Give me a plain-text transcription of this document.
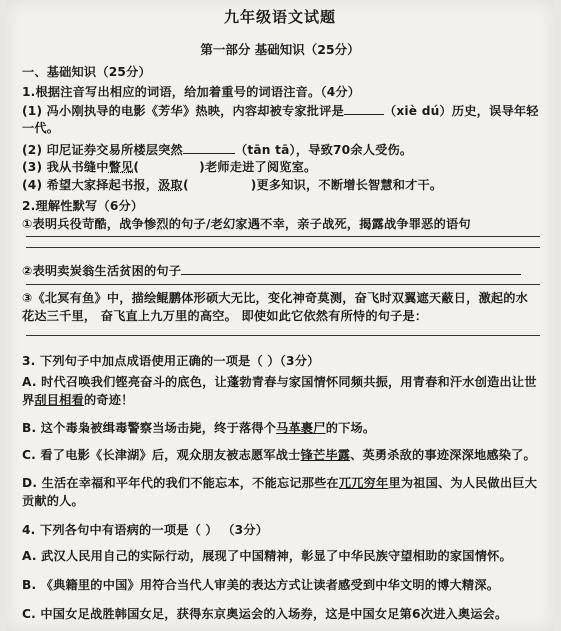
九年级语文试题
第一部分 基础知识（25分）
一、基础知识（25分）
1.根据注音写出相应的词语，给加着重号的词语注音。（4分）
(1) 冯小刚执导的电影《芳华》热映，内容却被专家批评是	（xiè dú）历史，误导年轻
一代。
(2) 印尼证券交易所楼层突然	（tān tā），导致70余人受伤。
(3) 我从书缝中瞥见(	)老师走进了阅览室。
(4) 希望大家择起书报，汲取(	)更多知识，不断增长智慧和才干。
2.理解性默写（6分）
①表明兵役苛酷，战争惨烈的句子/老幻家遇不幸，亲子战死，揭露战争罪恶的语句
②表明卖炭翁生活贫困的句子
③《北冥有鱼》中，描绘鲲鹏体形硕大无比，变化神奇莫测，奋飞时双翼遮天蔽日，激起的水
花达三千里， 奋飞直上九万里的高空。 即使如此它依然有所恃的句子是：
3. 下列句子中加点成语使用正确的一项是（ ）（3分）
A. 时代召唤我们铿亮奋斗的底色，让蓬勃青春与家国情怀同频共振，用青春和汗水创造出让世
界刮目相看的奇迹！
B. 这个毒枭被缉毒警察当场击毙，终于落得个马革裹尸的下场。
C. 看了电影《长津湖》后，观众朋友被志愿军战士锋芒毕露、英勇杀敌的事迹深深地感染了。
D. 生活在幸福和平年代的我们不能忘本，不能忘记那些在兀兀穷年里为祖国、为人民做出巨大
贡献的人。
4. 下列各句中有语病的一项是（ ） （3分）
A. 武汉人民用自己的实际行动，展现了中国精神，彰显了中华民族守望相助的家国情怀。
B. 《典籍里的中国》用符合当代人审美的表达方式让读者感受到中华文明的博大精深。
C. 中国女足战胜韩国女足，获得东京奥运会的入场券，这是中国女足第6次进入奥运会。
